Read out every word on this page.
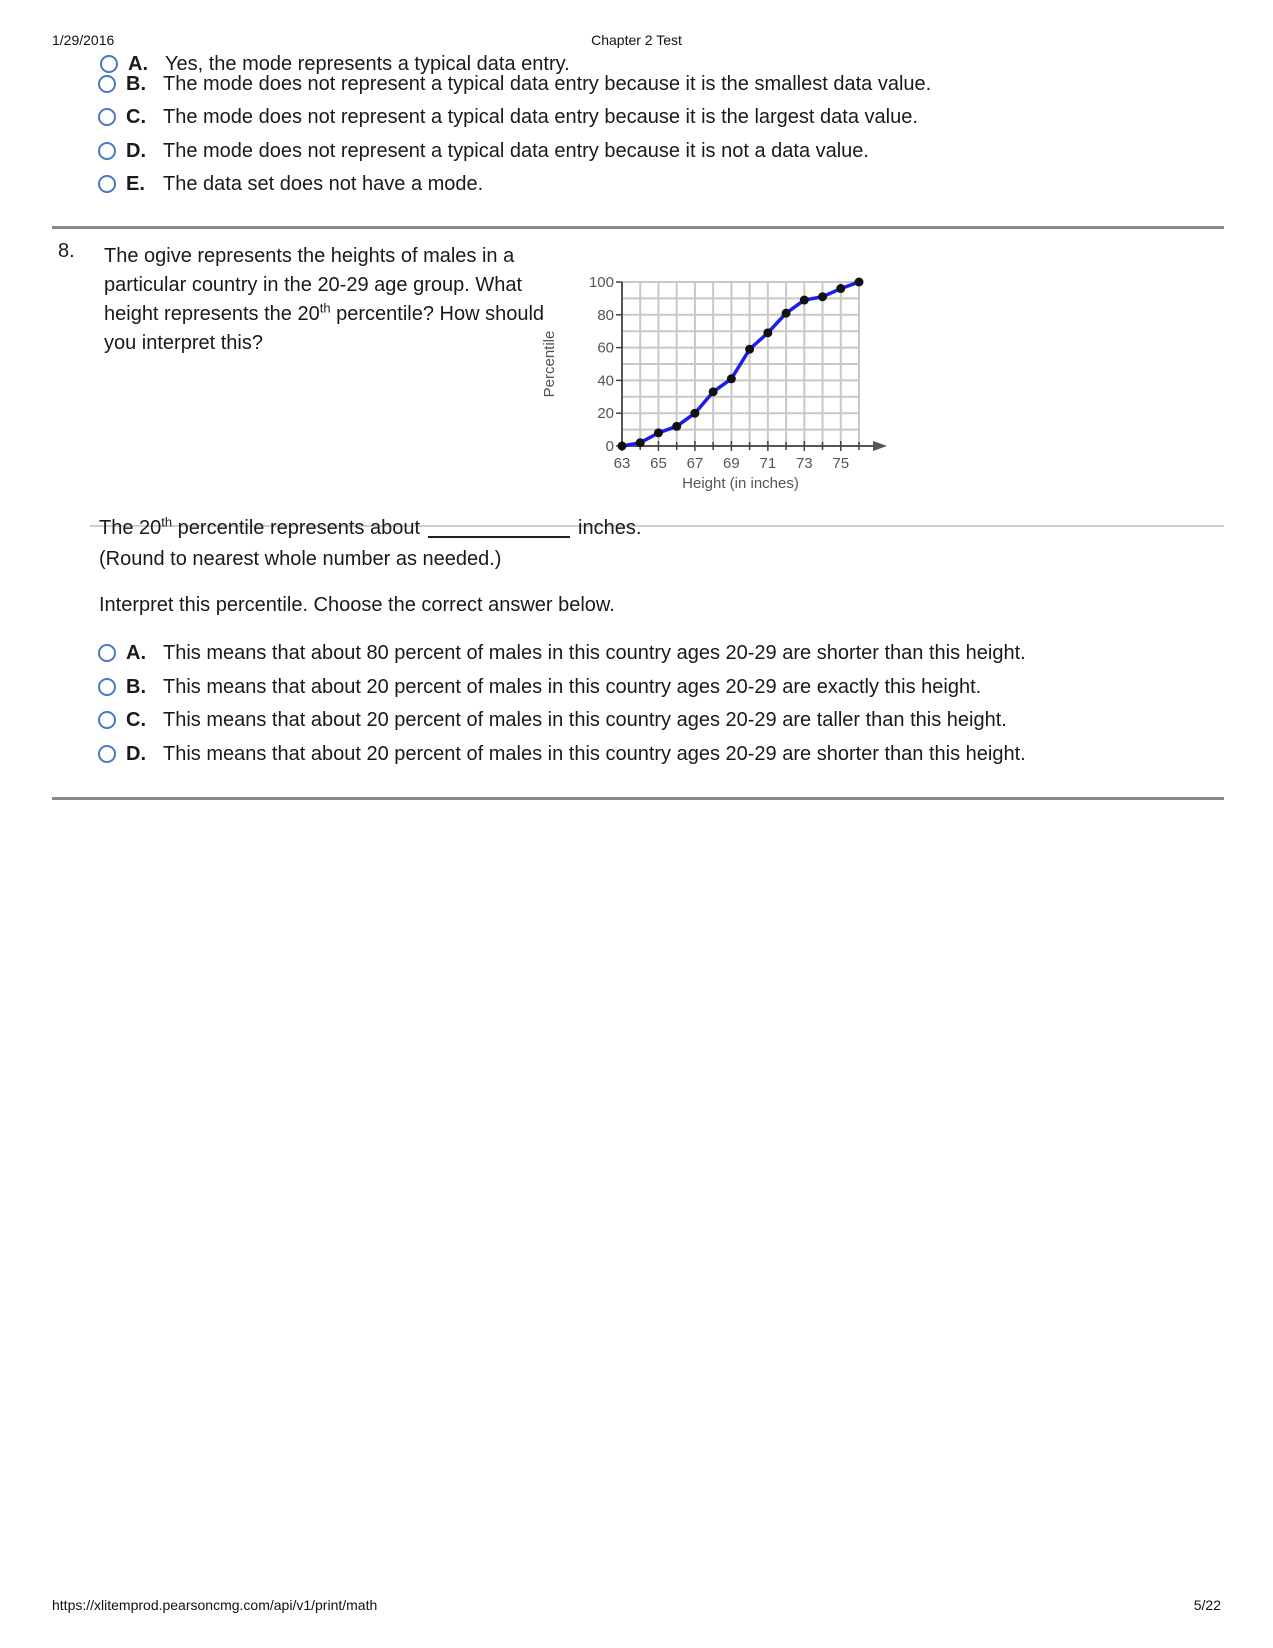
1/29/2016	Chapter 2 Test
A. Yes, the mode represents a typical data entry.
B. The mode does not represent a typical data entry because it is the smallest data value.
C. The mode does not represent a typical data entry because it is the largest data value.
D. The mode does not represent a typical data entry because it is not a data value.
E. The data set does not have a mode.
8. The ogive represents the heights of males in a particular country in the 20-29 age group. What height represents the 20th percentile? How should you interpret this?
63 65 67 69 71 73 75
0
20
40
60
80
100
Height (in inches)
Percentile
The 20th percentile represents about	inches.
(Round to nearest whole number as needed.)
Interpret this percentile. Choose the correct answer below.
A. This means that about 80 percent of males in this country ages 20-29 are shorter than this height.
B. This means that about 20 percent of males in this country ages 20-29 are exactly this height.
C. This means that about 20 percent of males in this country ages 20-29 are taller than this height.
D. This means that about 20 percent of males in this country ages 20-29 are shorter than this height.
https://xlitemprod.pearsoncmg.com/api/v1/print/math	5/22
